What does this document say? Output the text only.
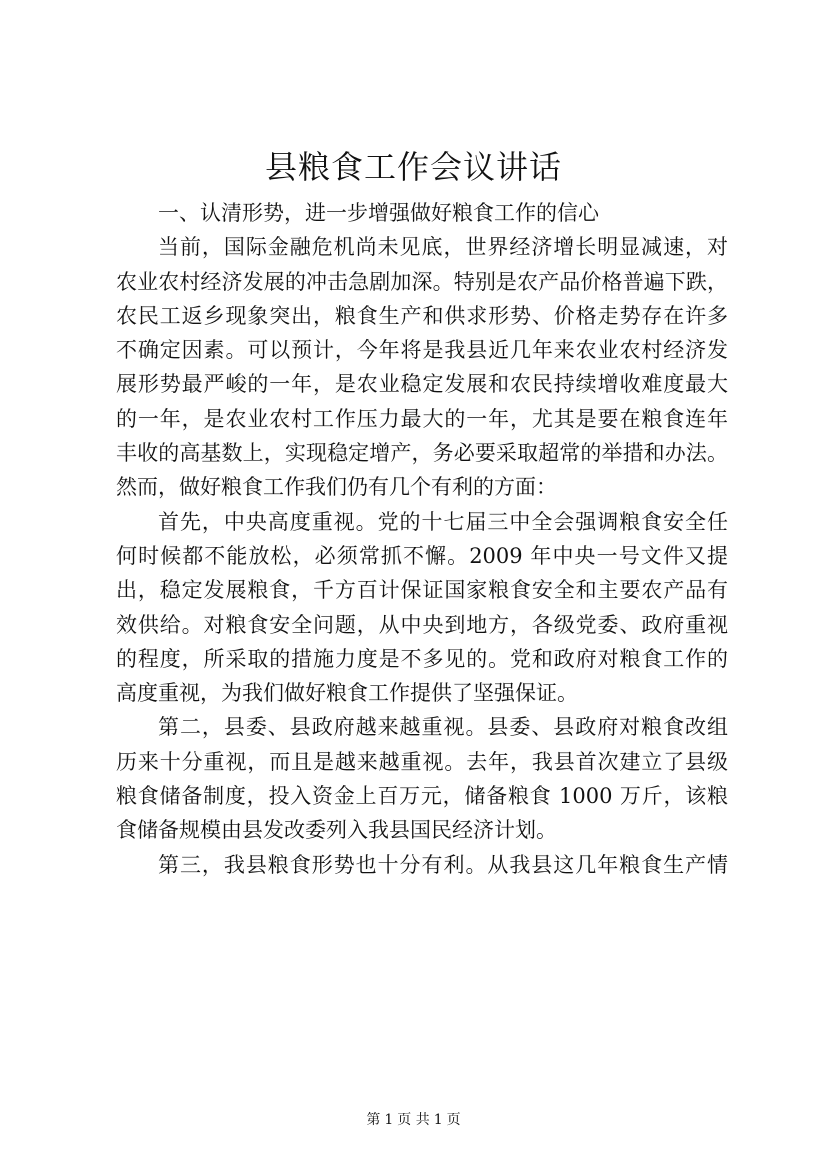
县粮食工作会议讲话
一、认清形势，进一步增强做好粮食工作的信心
当前，国际金融危机尚未见底，世界经济增长明显减速，对
农业农村经济发展的冲击急剧加深。特别是农产品价格普遍下跌，
农民工返乡现象突出，粮食生产和供求形势、价格走势存在许多
不确定因素。可以预计，今年将是我县近几年来农业农村经济发
展形势最严峻的一年，是农业稳定发展和农民持续增收难度最大
的一年，是农业农村工作压力最大的一年，尤其是要在粮食连年
丰收的高基数上，实现稳定增产，务必要采取超常的举措和办法。
然而，做好粮食工作我们仍有几个有利的方面：
首先，中央高度重视。党的十七届三中全会强调粮食安全任
何时候都不能放松，必须常抓不懈。2009 年中央一号文件又提
出，稳定发展粮食，千方百计保证国家粮食安全和主要农产品有
效供给。对粮食安全问题，从中央到地方，各级党委、政府重视
的程度，所采取的措施力度是不多见的。党和政府对粮食工作的
高度重视，为我们做好粮食工作提供了坚强保证。
第二，县委、县政府越来越重视。县委、县政府对粮食改组
历来十分重视，而且是越来越重视。去年，我县首次建立了县级
粮食储备制度，投入资金上百万元，储备粮食 1000 万斤，该粮
食储备规模由县发改委列入我县国民经济计划。
第三，我县粮食形势也十分有利。从我县这几年粮食生产情
第 1 页 共 1 页
